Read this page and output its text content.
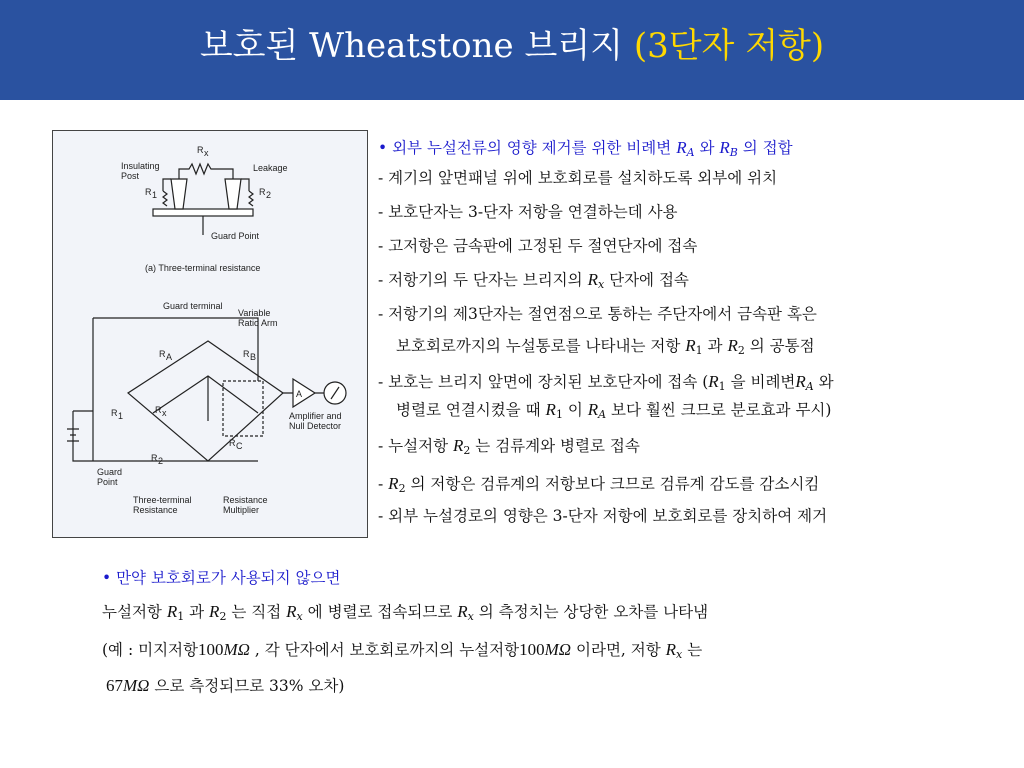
보호된 Wheatstone 브리지 (3단자 저항)
R x
Insulating
Post
Leakage
R 1	R 2
Guard Point
(a) Three-terminal resistance
Guard terminal
Variable
Ratio Arm
R A	R B
R 1
R x
R 2
R C
A
Amplifier and
Null Detector
Guard
Point
Three-terminal
Resistance
Resistance
Multiplier
• 외부 누설전류의 영향 제거를 위한 비례변 $R_A$ 와 $R_B$ 의 접합
- 계기의 앞면패널 위에 보호회로를 설치하도록 외부에 위치
- 보호단자는 3-단자 저항을 연결하는데 사용
- 고저항은 금속판에 고정된 두 절연단자에 접속
- 저항기의 두 단자는 브리지의 $R_x$ 단자에 접속
- 저항기의 제3단자는 절연점으로 통하는 주단자에서 금속판 혹은
보호회로까지의 누설통로를 나타내는 저항 R1 과 R2 의 공통점
- 보호는 브리지 앞면에 장치된 보호단자에 접속 (R1 을 비례변$R_A$ 와
병렬로 연결시켰을 때 R1 이 $R_A$ 보다 훨씬 크므로 분로효과 무시)
- 누설저항 R2 는 검류계와 병렬로 접속
- R2 의 저항은 검류계의 저항보다 크므로 검류계 감도를 감소시킴
- 외부 누설경로의 영향은 3-단자 저항에 보호회로를 장치하여 제거
• 만약 보호회로가 사용되지 않으면
누설저항 R1 과 R2 는 직접 $R_x$ 에 병렬로 접속되므로 $R_x$ 의 측정치는 상당한 오차를 나타냄
(예 : 미지저항100MΩ , 각 단자에서 보호회로까지의 누설저항100MΩ 이라면, 저항 $R_x$ 는
67MΩ 으로 측정되므로 33% 오차)
